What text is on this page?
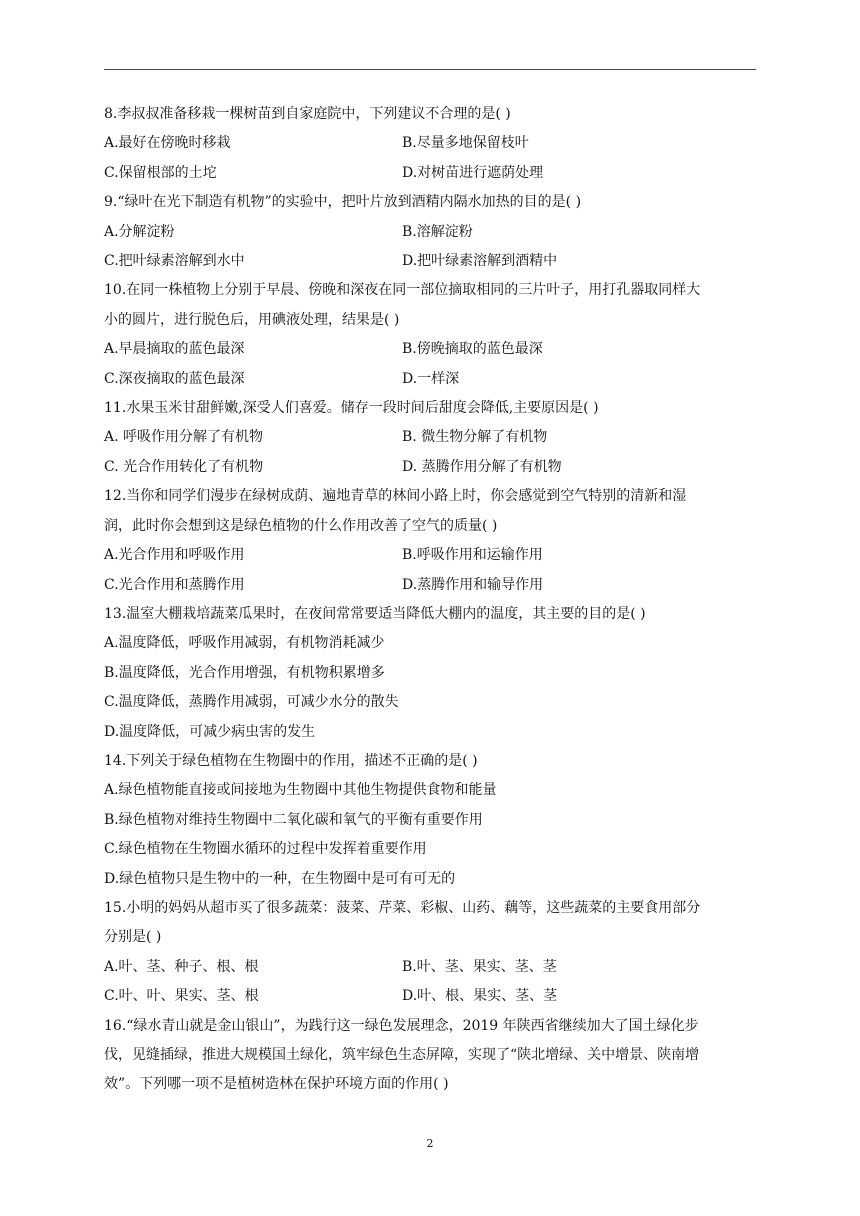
8.李叔叔准备移栽一棵树苗到自家庭院中，下列建议不合理的是( )
A.最好在傍晚时移栽	B.尽量多地保留枝叶
C.保留根部的土坨	D.对树苗进行遮荫处理
9.“绿叶在光下制造有机物”的实验中，把叶片放到酒精内隔水加热的目的是( )
A.分解淀粉	B.溶解淀粉
C.把叶绿素溶解到水中	D.把叶绿素溶解到酒精中
10.在同一株植物上分别于早晨、傍晚和深夜在同一部位摘取相同的三片叶子，用打孔器取同样大
小的圆片，进行脱色后，用碘液处理，结果是( )
A.早晨摘取的蓝色最深	B.傍晚摘取的蓝色最深
C.深夜摘取的蓝色最深	D.一样深
11.水果玉米甘甜鲜嫩,深受人们喜爱。储存一段时间后甜度会降低,主要原因是( )
A. 呼吸作用分解了有机物	B. 微生物分解了有机物
C. 光合作用转化了有机物	D. 蒸腾作用分解了有机物
12.当你和同学们漫步在绿树成荫、遍地青草的林间小路上时，你会感觉到空气特别的清新和湿
润，此时你会想到这是绿色植物的什么作用改善了空气的质量( )
A.光合作用和呼吸作用	B.呼吸作用和运输作用
C.光合作用和蒸腾作用	D.蒸腾作用和输导作用
13.温室大棚栽培蔬菜瓜果时，在夜间常常要适当降低大棚内的温度，其主要的目的是( )
A.温度降低，呼吸作用减弱，有机物消耗减少
B.温度降低，光合作用增强，有机物积累增多
C.温度降低，蒸腾作用减弱，可减少水分的散失
D.温度降低，可减少病虫害的发生
14.下列关于绿色植物在生物圈中的作用，描述不正确的是( )
A.绿色植物能直接或间接地为生物圈中其他生物提供食物和能量
B.绿色植物对维持生物圈中二氧化碳和氧气的平衡有重要作用
C.绿色植物在生物圈水循环的过程中发挥着重要作用
D.绿色植物只是生物中的一种，在生物圈中是可有可无的
15.小明的妈妈从超市买了很多蔬菜：菠菜、芹菜、彩椒、山药、藕等，这些蔬菜的主要食用部分
分别是( )
A.叶、茎、种子、根、根	B.叶、茎、果实、茎、茎
C.叶、叶、果实、茎、根	D.叶、根、果实、茎、茎
16.“绿水青山就是金山银山”，为践行这一绿色发展理念，2019 年陕西省继续加大了国土绿化步
伐，见缝插绿，推进大规模国土绿化，筑牢绿色生态屏障，实现了“陕北增绿、关中增景、陕南增
效”。下列哪一项不是植树造林在保护环境方面的作用( )
2
